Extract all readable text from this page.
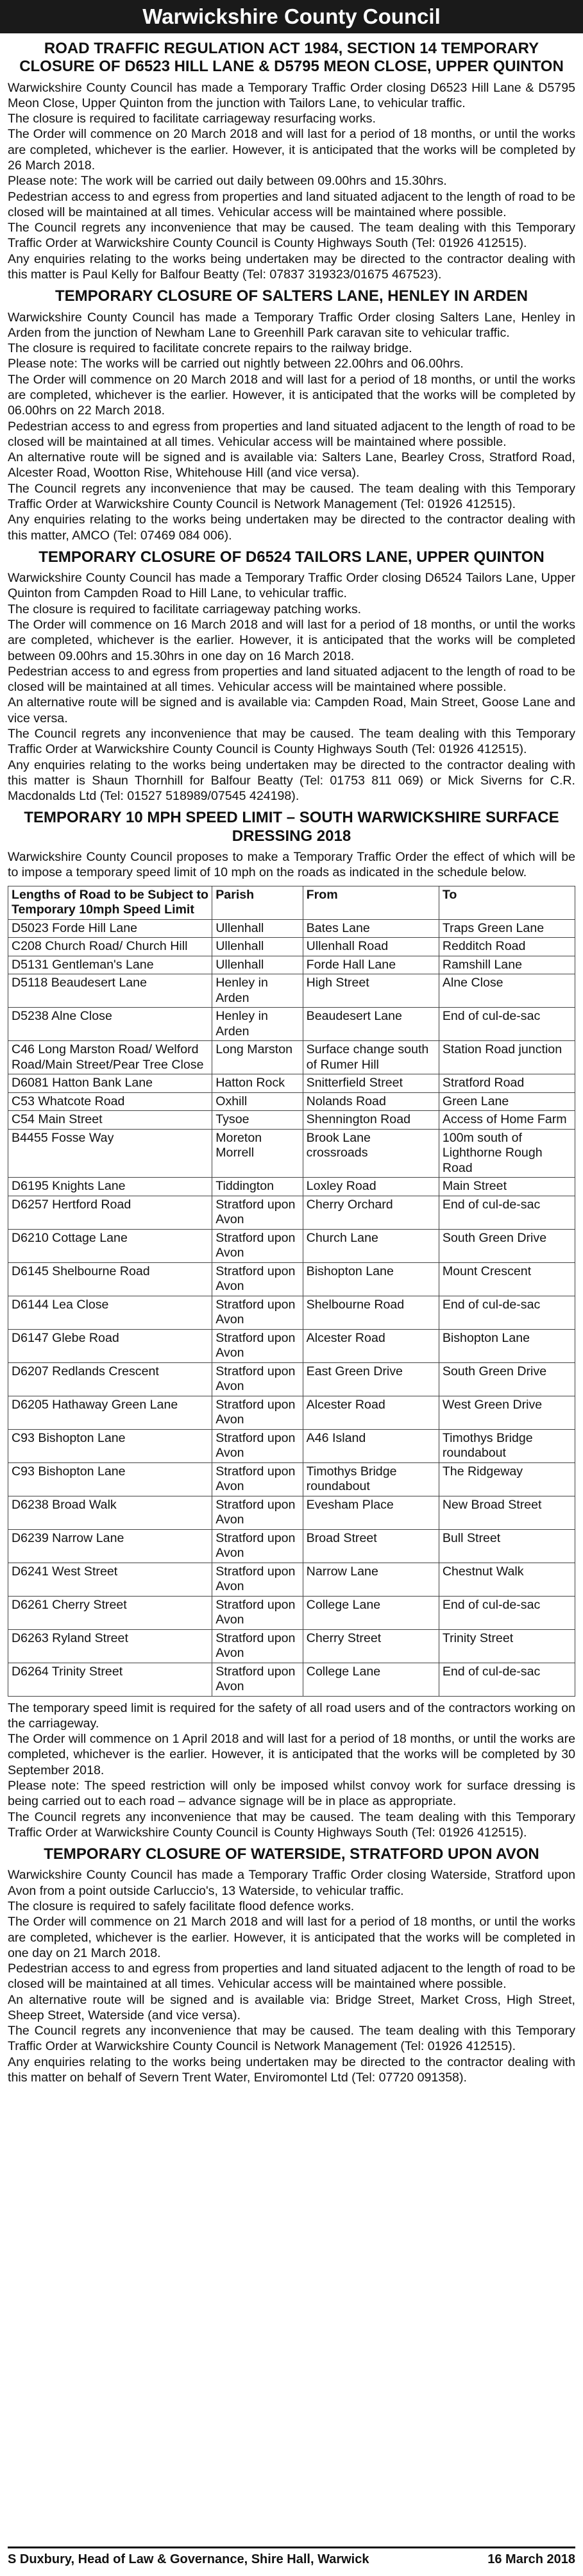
Warwickshire County Council
ROAD TRAFFIC REGULATION ACT 1984, SECTION 14 TEMPORARY CLOSURE OF D6523 HILL LANE & D5795 MEON CLOSE, UPPER QUINTON

Warwickshire County Council has made a Temporary Traffic Order closing D6523 Hill Lane & D5795 Meon Close, Upper Quinton from the junction with Tailors Lane, to vehicular traffic.

The closure is required to facilitate carriageway resurfacing works.

The Order will commence on 20 March 2018 and will last for a period of 18 months, or until the works are completed, whichever is the earlier. However, it is anticipated that the works will be completed by 26 March 2018.

Please note: The work will be carried out daily between 09.00hrs and 15.30hrs.

Pedestrian access to and egress from properties and land situated adjacent to the length of road to be closed will be maintained at all times. Vehicular access will be maintained where possible.

The Council regrets any inconvenience that may be caused. The team dealing with this Temporary Traffic Order at Warwickshire County Council is County Highways South (Tel: 01926 412515).

Any enquiries relating to the works being undertaken may be directed to the contractor dealing with this matter is Paul Kelly for Balfour Beatty (Tel: 07837 319323/01675 467523).

TEMPORARY CLOSURE OF SALTERS LANE, HENLEY IN ARDEN

Warwickshire County Council has made a Temporary Traffic Order closing Salters Lane, Henley in Arden from the junction of Newham Lane to Greenhill Park caravan site to vehicular traffic.

The closure is required to facilitate concrete repairs to the railway bridge.

Please note: The works will be carried out nightly between 22.00hrs and 06.00hrs.

The Order will commence on 20 March 2018 and will last for a period of 18 months, or until the works are completed, whichever is the earlier. However, it is anticipated that the works will be completed by 06.00hrs on 22 March 2018.

Pedestrian access to and egress from properties and land situated adjacent to the length of road to be closed will be maintained at all times. Vehicular access will be maintained where possible.

An alternative route will be signed and is available via: Salters Lane, Bearley Cross, Stratford Road, Alcester Road, Wootton Rise, Whitehouse Hill (and vice versa).

The Council regrets any inconvenience that may be caused. The team dealing with this Temporary Traffic Order at Warwickshire County Council is Network Management (Tel: 01926 412515).

Any enquiries relating to the works being undertaken may be directed to the contractor dealing with this matter, AMCO (Tel: 07469 084 006).

TEMPORARY CLOSURE OF D6524 TAILORS LANE, UPPER QUINTON

Warwickshire County Council has made a Temporary Traffic Order closing D6524 Tailors Lane, Upper Quinton from Campden Road to Hill Lane, to vehicular traffic.

The closure is required to facilitate carriageway patching works.

The Order will commence on 16 March 2018 and will last for a period of 18 months, or until the works are completed, whichever is the earlier. However, it is anticipated that the works will be completed between 09.00hrs and 15.30hrs in one day on 16 March 2018.

Pedestrian access to and egress from properties and land situated adjacent to the length of road to be closed will be maintained at all times. Vehicular access will be maintained where possible.

An alternative route will be signed and is available via: Campden Road, Main Street, Goose Lane and vice versa.

The Council regrets any inconvenience that may be caused. The team dealing with this Temporary Traffic Order at Warwickshire County Council is County Highways South (Tel: 01926 412515).

Any enquiries relating to the works being undertaken may be directed to the contractor dealing with this matter is Shaun Thornhill for Balfour Beatty (Tel: 01753 811 069) or Mick Siverns for C.R. Macdonalds Ltd (Tel: 01527 518989/07545 424198).

TEMPORARY 10 MPH SPEED LIMIT – SOUTH WARWICKSHIRE SURFACE DRESSING 2018

Warwickshire County Council proposes to make a Temporary Traffic Order the effect of which will be to impose a temporary speed limit of 10 mph on the roads as indicated in the schedule below.

Lengths of Road to be Subject to Temporary 10mph Speed Limit	Parish	From	To
D5023 Forde Hill Lane	Ullenhall	Bates Lane	Traps Green Lane
C208 Church Road/ Church Hill	Ullenhall	Ullenhall Road	Redditch Road
D5131 Gentleman's Lane	Ullenhall	Forde Hall Lane	Ramshill Lane
D5118 Beaudesert Lane	Henley in Arden	High Street	Alne Close
D5238 Alne Close	Henley in Arden	Beaudesert Lane	End of cul-de-sac
C46 Long Marston Road/ Welford Road/Main Street/Pear Tree Close	Long Marston	Surface change south of Rumer Hill	Station Road junction
D6081 Hatton Bank Lane	Hatton Rock	Snitterfield Street	Stratford Road
C53 Whatcote Road	Oxhill	Nolands Road	Green Lane
C54 Main Street	Tysoe	Shennington Road	Access of Home Farm
B4455 Fosse Way	Moreton Morrell	Brook Lane crossroads	100m south of Lighthorne Rough Road
D6195 Knights Lane	Tiddington	Loxley Road	Main Street
D6257 Hertford Road	Stratford upon Avon	Cherry Orchard	End of cul-de-sac
D6210 Cottage Lane	Stratford upon Avon	Church Lane	South Green Drive
D6145 Shelbourne Road	Stratford upon Avon	Bishopton Lane	Mount Crescent
D6144 Lea Close	Stratford upon Avon	Shelbourne Road	End of cul-de-sac
D6147 Glebe Road	Stratford upon Avon	Alcester Road	Bishopton Lane
D6207 Redlands Crescent	Stratford upon Avon	East Green Drive	South Green Drive
D6205 Hathaway Green Lane	Stratford upon Avon	Alcester Road	West Green Drive
C93 Bishopton Lane	Stratford upon Avon	A46 Island	Timothys Bridge roundabout
C93 Bishopton Lane	Stratford upon Avon	Timothys Bridge roundabout	The Ridgeway
D6238 Broad Walk	Stratford upon Avon	Evesham Place	New Broad Street
D6239 Narrow Lane	Stratford upon Avon	Broad Street	Bull Street
D6241 West Street	Stratford upon Avon	Narrow Lane	Chestnut Walk
D6261 Cherry Street	Stratford upon Avon	College Lane	End of cul-de-sac
D6263 Ryland Street	Stratford upon Avon	Cherry Street	Trinity Street
D6264 Trinity Street	Stratford upon Avon	College Lane	End of cul-de-sac

The temporary speed limit is required for the safety of all road users and of the contractors working on the carriageway.

The Order will commence on 1 April 2018 and will last for a period of 18 months, or until the works are completed, whichever is the earlier. However, it is anticipated that the works will be completed by 30 September 2018.

Please note: The speed restriction will only be imposed whilst convoy work for surface dressing is being carried out to each road – advance signage will be in place as appropriate.

The Council regrets any inconvenience that may be caused. The team dealing with this Temporary Traffic Order at Warwickshire County Council is County Highways South (Tel: 01926 412515).

TEMPORARY CLOSURE OF WATERSIDE, STRATFORD UPON AVON

Warwickshire County Council has made a Temporary Traffic Order closing Waterside, Stratford upon Avon from a point outside Carluccio's, 13 Waterside, to vehicular traffic.

The closure is required to safely facilitate flood defence works.

The Order will commence on 21 March 2018 and will last for a period of 18 months, or until the works are completed, whichever is the earlier. However, it is anticipated that the works will be completed in one day on 21 March 2018.

Pedestrian access to and egress from properties and land situated adjacent to the length of road to be closed will be maintained at all times. Vehicular access will be maintained where possible.

An alternative route will be signed and is available via: Bridge Street, Market Cross, High Street, Sheep Street, Waterside (and vice versa).

The Council regrets any inconvenience that may be caused. The team dealing with this Temporary Traffic Order at Warwickshire County Council is Network Management (Tel: 01926 412515).

Any enquiries relating to the works being undertaken may be directed to the contractor dealing with this matter on behalf of Severn Trent Water, Enviromontel Ltd (Tel: 07720 091358).

S Duxbury, Head of Law & Governance, Shire Hall, Warwick	16 March 2018
